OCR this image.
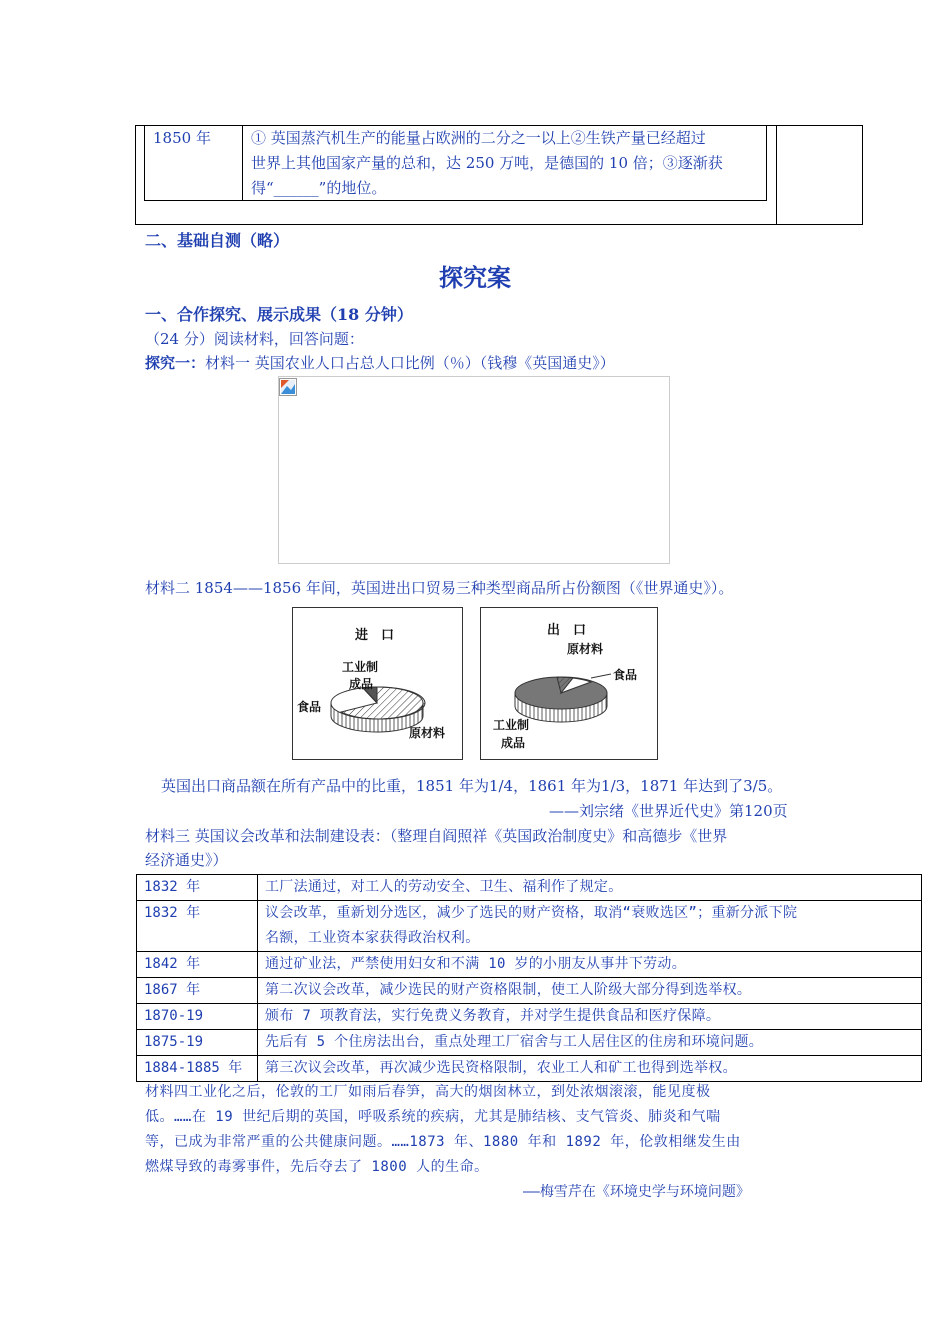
1850 年	① 英国蒸汽机生产的能量占欧洲的二分之一以上②生铁产量已经超过
世界上其他国家产量的总和，达 250 万吨，是德国的 10 倍；③逐渐获
得“______”的地位。
二、基础自测（略）
探究案
一、合作探究、展示成果（18 分钟）
（24 分）阅读材料，回答问题：
探究一：材料一 英国农业人口占总人口比例（％）（钱穆《英国通史》）
材料二 1854——1856 年间，英国进出口贸易三种类型商品所占份额图（《世界通史》）。
进　口
工业制
成品
食品
原材料
出　口
原材料
食品
工业制
成品
英国出口商品额在所有产品中的比重，1851 年为1/4，1861 年为1/3，1871 年达到了3/5。
——刘宗绪《世界近代史》第120页
材料三 英国议会改革和法制建设表：（整理自阎照祥《英国政治制度史》和高德步《世界
经济通史》）
1832 年	工厂法通过，对工人的劳动安全、卫生、福利作了规定。
1832 年	议会改革，重新划分选区，减少了选民的财产资格，取消“衰败选区”；重新分派下院
名额，工业资本家获得政治权利。

1842 年	通过矿业法，严禁使用妇女和不满 10 岁的小朋友从事井下劳动。
1867 年	第二次议会改革，减少选民的财产资格限制，使工人阶级大部分得到选举权。
1870-19	颁布 7 项教育法，实行免费义务教育，并对学生提供食品和医疗保障。
1875-19	先后有 5 个住房法出台，重点处理工厂宿舍与工人居住区的住房和环境问题。
1884-1885 年	第三次议会改革，再次减少选民资格限制，农业工人和矿工也得到选举权。
材料四工业化之后，伦敦的工厂如雨后春笋，高大的烟囱林立，到处浓烟滚滚，能见度极
低。……在 19 世纪后期的英国，呼吸系统的疾病，尤其是肺结核、支气管炎、肺炎和气喘
等，已成为非常严重的公共健康问题。……1873 年、1880 年和 1892 年，伦敦相继发生由
燃煤导致的毒雾事件，先后夺去了 1800 人的生命。
——梅雪芹在《环境史学与环境问题》
